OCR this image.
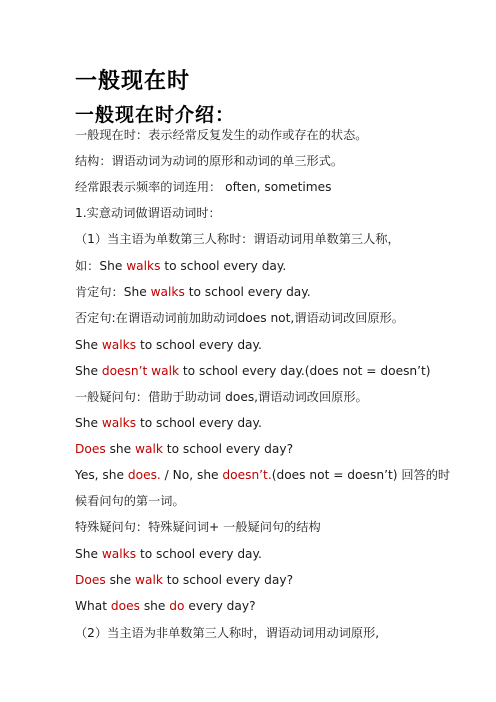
一般现在时
一般现在时介绍：
一般现在时：表示经常反复发生的动作或存在的状态。
结构：谓语动词为动词的原形和动词的单三形式。
经常跟表示频率的词连用： often, sometimes
1.实意动词做谓语动词时：
（1）当主语为单数第三人称时：谓语动词用单数第三人称，
如：She walks to school every day.
肯定句：She walks to school every day.
否定句:在谓语动词前加助动词does not,谓语动词改回原形。
She walks to school every day.
She doesn’t walk to school every day.(does not = doesn’t)
一般疑问句：借助于助动词 does,谓语动词改回原形。
She walks to school every day.
Does she walk to school every day?
Yes, she does. / No, she doesn’t.(does not = doesn’t) 回答的时
候看问句的第一词。
特殊疑问句：特殊疑问词+ 一般疑问句的结构
She walks to school every day.
Does she walk to school every day?
What does she do every day?
（2）当主语为非单数第三人称时，谓语动词用动词原形,
